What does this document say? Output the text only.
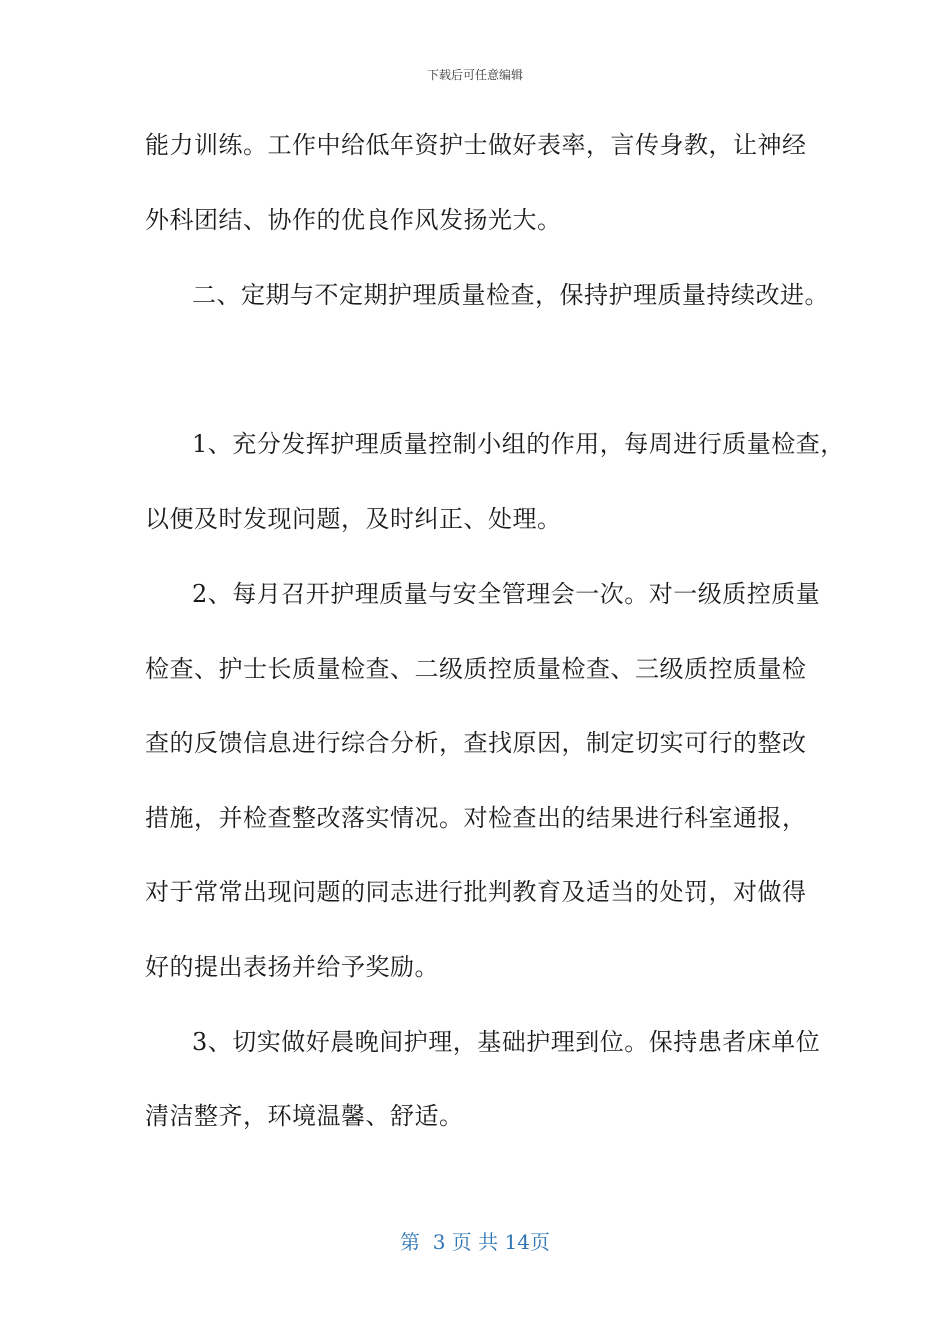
下载后可任意编辑
能力训练。工作中给低年资护士做好表率，言传身教，让神经
外科团结、协作的优良作风发扬光大。
二、定期与不定期护理质量检查，保持护理质量持续改进。
1、充分发挥护理质量控制小组的作用，每周进行质量检查，
以便及时发现问题，及时纠正、处理。
2、每月召开护理质量与安全管理会一次。对一级质控质量
检查、护士长质量检查、二级质控质量检查、三级质控质量检
查的反馈信息进行综合分析，查找原因，制定切实可行的整改
措施，并检查整改落实情况。对检查出的结果进行科室通报，
对于常常出现问题的同志进行批判教育及适当的处罚，对做得
好的提出表扬并给予奖励。
3、切实做好晨晚间护理，基础护理到位。保持患者床单位
清洁整齐，环境温馨、舒适。
第  3 页 共 14页
